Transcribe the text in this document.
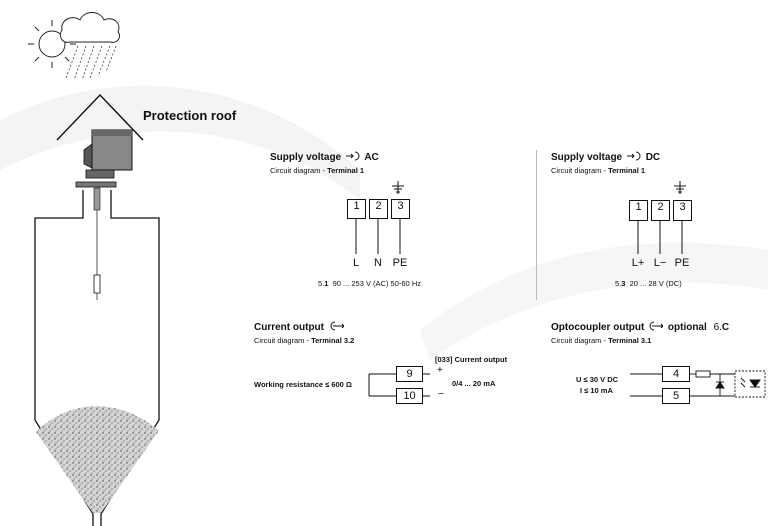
Protection roof
Supply voltage AC
Circuit diagram - Terminal 1
1	2	3
L	N PE
5.1 90 ... 253 V (AC) 50-60 Hz
Supply voltage DC
Circuit diagram - Terminal 1
1	2	3
L+ L− PE
5.3 20 ... 28 V (DC)
Current output
Circuit diagram - Terminal 3.2
9
10
[033] Current output
+
−
0/4 ... 20 mA
Working resistance ≤ 600 Ω
Optocoupler output optional 6.C
Circuit diagram - Terminal 3.1
4
5
U ≤ 30 V DC
I ≤ 10 mA
